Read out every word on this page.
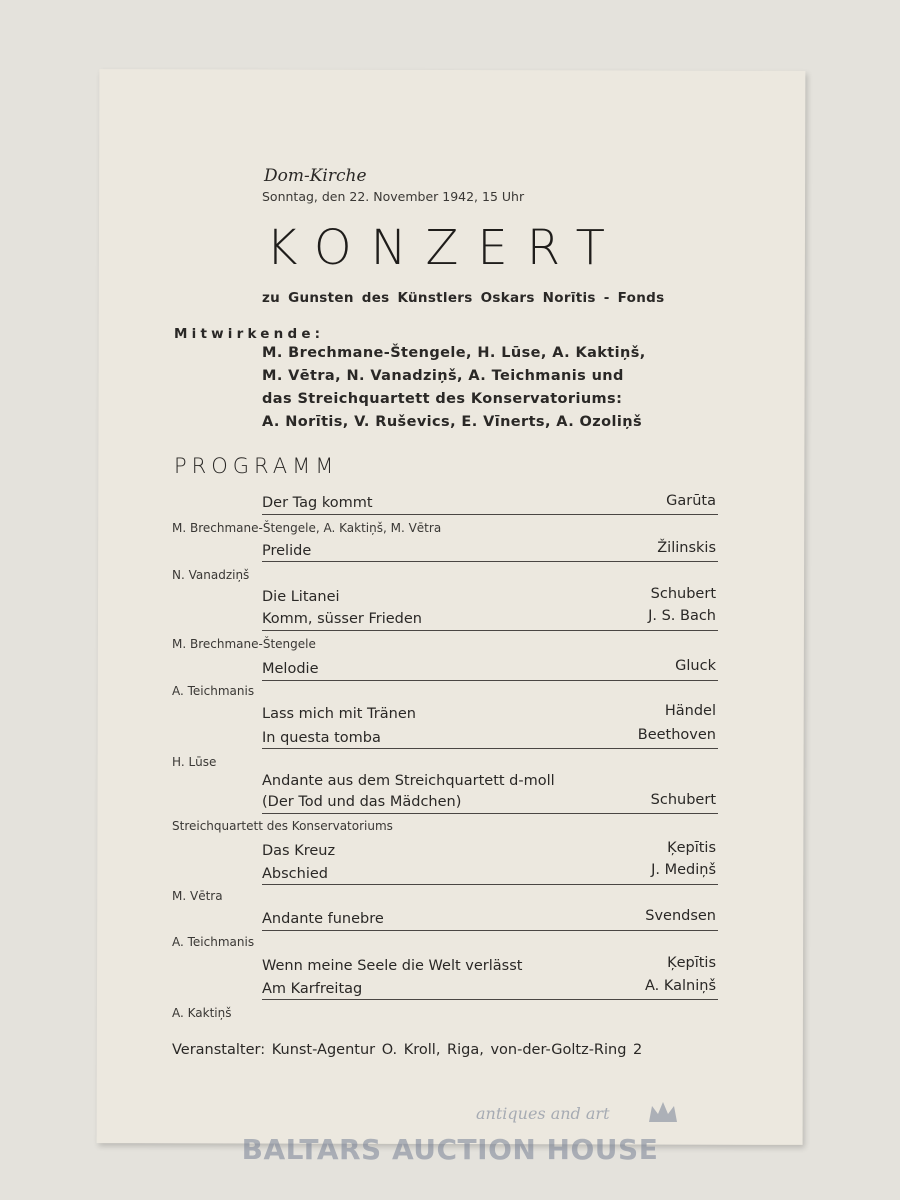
Dom-Kirche
Sonntag, den 22. November 1942, 15 Uhr
KONZERT
zu Gunsten des Künstlers Oskars Norītis - Fonds
Mitwirkende:
M. Brechmane-Štengele, H. Lūse, A. Kaktiņš,
M. Vētra, N. Vanadziņš, A. Teichmanis und
das Streichquartett des Konservatoriums:
A. Norītis, V. Ruševics, E. Vīnerts, A. Ozoliņš
PROGRAMM
Der Tag kommt	Garūta
M. Brechmane-Štengele, A. Kaktiņš, M. Vētra
Prelide	Žilinskis
N. Vanadziņš
Die Litanei	Schubert
Komm, süsser Frieden	J. S. Bach
M. Brechmane-Štengele
Melodie	Gluck
A. Teichmanis
Lass mich mit Tränen	Händel
In questa tomba	Beethoven
H. Lūse
Andante aus dem Streichquartett d-moll
(Der Tod und das Mädchen)	Schubert
Streichquartett des Konservatoriums
Das Kreuz	Ķepītis
Abschied	J. Mediņš
M. Vētra
Andante funebre	Svendsen
A. Teichmanis
Wenn meine Seele die Welt verlässt	Ķepītis
Am Karfreitag	A. Kalniņš
A. Kaktiņš
Veranstalter: Kunst-Agentur O. Kroll, Riga, von-der-Goltz-Ring 2
antiques and art
BALTARS AUCTION HOUSE
